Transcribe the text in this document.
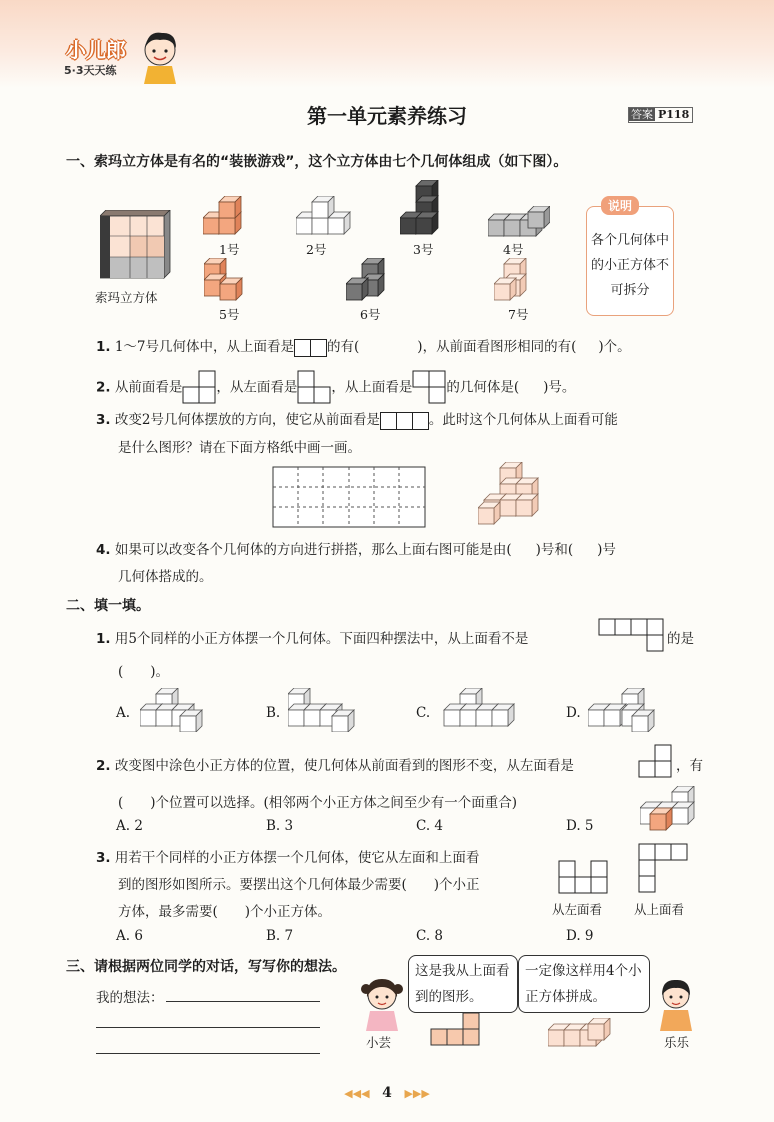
小儿郎
5·3天天练
第一单元素养练习	答案 P118
一、索玛立方体是有名的“装嵌游戏”，这个立方体由七个几何体组成（如下图）。
索玛立方体
1号	2号	3号	4号
5号	6号	7号
说明
各个几何体中的小正方体不可拆分
1. 1～7号几何体中，从上面看是 的有(	)，从前面看图形相同的有( )个。
2. 从前面看是	，从左面看是	，从上面看是	的几何体是( )号。
3. 改变2号几何体摆放的方向，使它从前面看是	。此时这个几何体从上面看可能
是什么图形？请在下面方格纸中画一画。
4. 如果可以改变各个几何体的方向进行拼搭，那么上面右图可能是由( )号和( )号
几何体搭成的。
二、填一填。
1. 用5个同样的小正方体摆一个几何体。下面四种摆法中，从上面看不是	的是
(　　)。
A.	B.	C.	D.
2. 改变图中涂色小正方体的位置，使几何体从前面看到的图形不变，从左面看是	，有
(　　)个位置可以选择。(相邻两个小正方体之间至少有一个面重合)
A. 2	B. 3	C. 4	D. 5
3. 用若干个同样的小正方体摆一个几何体，使它从左面和上面看
到的图形如图所示。要摆出这个几何体最少需要(　　)个小正
方体，最多需要(　　)个小正方体。	从左面看	从上面看
A. 6	B. 7	C. 8	D. 9
三、请根据两位同学的对话，写写你的想法。
我的想法：
小芸
这是我从上面看到的图形。
一定像这样用4个小正方体拼成。
乐乐
◀◀◀ 4 ▶▶▶
